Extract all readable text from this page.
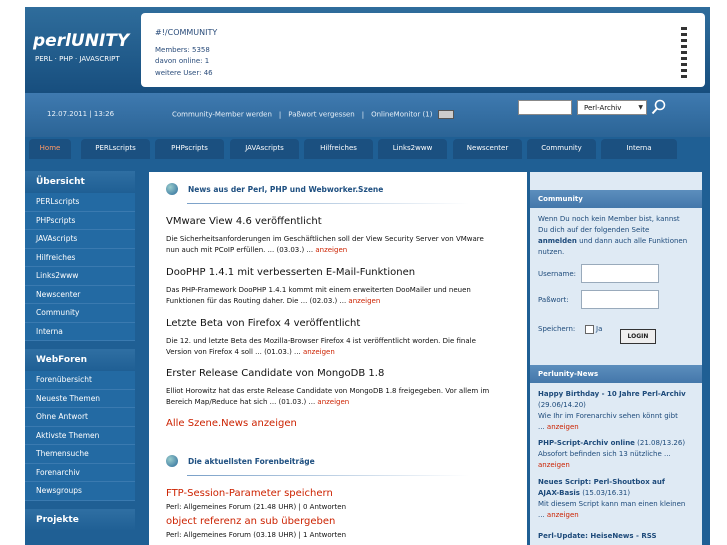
perlUNITY
PERL · PHP · JAVASCRIPT
#!/COMMUNITY
Members: 5358
davon online: 1
weitere User: 46
12.07.2011 | 13:26	Community-Member werden | Paßwort vergessen | OnlineMonitor (1)
Home	PERLscripts	PHPscripts	JAVAscripts	Hilfreiches	Links2www	Newscenter	Community	Interna
Übersicht
PERLscripts
PHPscripts
JAVAscripts
Hilfreiches
Links2www
Newscenter
Community
Interna
WebForen
Forenübersicht
Neueste Themen
Ohne Antwort
Aktivste Themen
Themensuche
Forenarchiv
Newsgroups
Projekte
News aus der Perl, PHP und Webworker.Szene
VMware View 4.6 veröffentlicht
Die Sicherheitsanforderungen im Geschäftlichen soll der View Security Server von VMware
nun auch mit PCoIP erfüllen. ... (03.03.) ... anzeigen
DooPHP 1.4.1 mit verbesserten E-Mail-Funktionen
Das PHP-Framework DooPHP 1.4.1 kommt mit einem erweiterten DooMailer und neuen
Funktionen für das Routing daher. Die ... (02.03.) ... anzeigen
Letzte Beta von Firefox 4 veröffentlicht
Die 12. und letzte Beta des Mozilla-Browser Firefox 4 ist veröffentlicht worden. Die finale
Version von Firefox 4 soll ... (01.03.) ... anzeigen
Erster Release Candidate von MongoDB 1.8
Elliot Horowitz hat das erste Release Candidate von MongoDB 1.8 freigegeben. Vor allem im
Bereich Map/Reduce hat sich ... (01.03.) ... anzeigen
Alle Szene.News anzeigen
Die aktuellsten Forenbeiträge
FTP-Session-Parameter speichern
Perl: Allgemeines Forum (21.48 UHR) | 0 Antworten
object referenz an sub übergeben
Perl: Allgemeines Forum (03.18 UHR) | 1 Antworten
Community
Wenn Du noch kein Member bist, kannst
Du dich auf der folgenden Seite
anmelden und dann auch alle Funktionen
nutzen.
Username:
Paßwort:
Speichern:	Ja
LOGIN
Perlunity-News
Happy Birthday - 10 Jahre Perl-Archiv
(29.06/14.20)
Wie Ihr im Forenarchiv sehen könnt gibt
... anzeigen
PHP-Script-Archiv online (21.08/13.26)
Absofort befinden sich 13 nützliche ...
anzeigen
Neues Script: Perl-Shoutbox auf
AJAX-Basis (15.03/16.31)
Mit diesem Script kann man einen kleinen
... anzeigen
Perl-Update: HeiseNews - RSS
Perl-Archiv ▼
